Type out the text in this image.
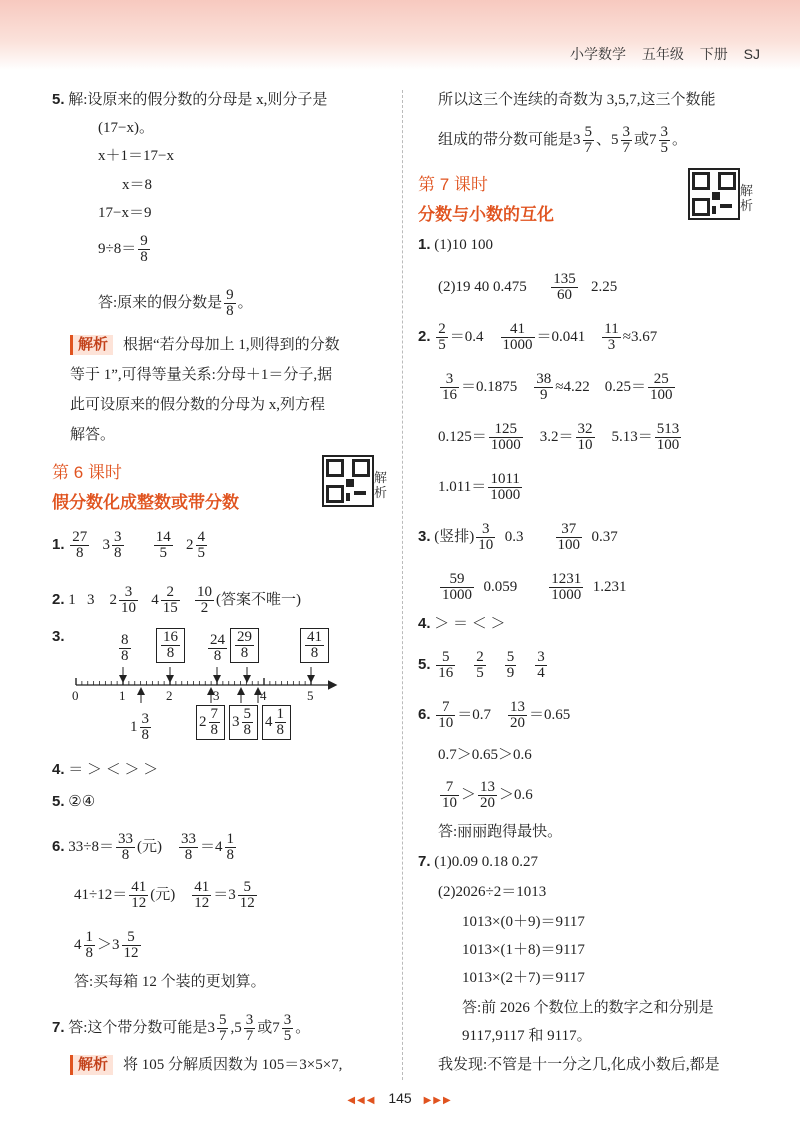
小学数学 五年级 下册 SJ
5. 解:设原来的假分数的分母是 x,则分子是
(17−x)。
x＋1＝17−x
x＝8
17−x＝9
$9\div 8= \frac{9}{8}$
答:原来的假分数是 $\frac{9}{8}$ 。
解析 根据“若分母加上 1,则得到的分数
等于 1”,可得等量关系:分母＋1＝分子,据
此可设原来的假分数的分母为 x,列方程
解答。
第 6 课时
假分数化成整数或带分数
解析
1. $\frac{27}{8} 3 \frac{3}{8}$
$\frac{14}{5} 2 \frac{4}{5}$
2. 1 3 $2 \frac{3}{10} 4 \frac{2}{15}$
$\frac{10}{2}$ (答案不唯一)
3.	$\frac{8}{8} \frac{16}{8} \frac{24}{8} \frac{29}{8}$	$\frac{41}{8}$
0	1	2	3	4	5
$1 \frac{3}{8}$	$2 \frac{7}{8} 3 \frac{5}{8} 4 \frac{1}{8}$
4. ＝ ＞ ＜ ＞ ＞
5. ②④
6. $33\div 8= \frac{33}{8}$ (元) $\frac{33}{8} =4 \frac{1}{8}$
$41\div 12= \frac{41}{12}$ (元) $\frac{41}{12} =3 \frac{5}{12}$
$4 \frac{1}{8} >3 \frac{5}{12}$
答:买每箱 12 个装的更划算。
7. 答:这个带分数可能是$3 \frac{5}{7} ,5 \frac{3}{7}$ 或$7 \frac{3}{5}$ 。
解析 将 105 分解质因数为 105＝3×5×7,
所以这三个连续的奇数为 3,5,7,这三个数能
组成的带分数可能是$3 \frac{5}{7}$ 、$5 \frac{3}{7}$ 或$7 \frac{3}{5}$ 。
第 7 课时
分数与小数的互化
解析
1. (1)10 100
(2)19 40 $0.475 \frac{135}{60} 2.25$
2. $\frac{2}{5} =0.4 \frac{41}{1000} =0.041 \frac{11}{3} \approx 3.67$
$\frac{3}{16} =0.1875 \frac{38}{9} \approx 4.22$ $0.25= \frac{25}{100}$
$0.125= \frac{125}{1000} 3.2= \frac{32}{10} 5.13= \frac{513}{100}$
$1.011= \frac{1011}{1000}$
3. (竖排) $\frac{3}{10} 0.3 \frac{37}{100} 0.37$
$\frac{59}{1000} 0.059 \frac{1231}{1000} 1.231$
4. ＞ ＝ ＜ ＞
5. $\frac{5}{16}$
$\frac{2}{5}$
$\frac{5}{9}$
$\frac{3}{4}$
6. $\frac{7}{10} =0.7 \frac{13}{20} =0.65$
0.7＞0.65＞0.6
$\frac{7}{10} > \frac{13}{20} >0.6$
答:丽丽跑得最快。
7. (1)0.09 0.18 0.27
(2)2026÷2＝1013
1013×(0＋9)＝9117
1013×(1＋8)＝9117
1013×(2＋7)＝9117
答:前 2026 个数位上的数字之和分别是
9117,9117 和 9117。
我发现:不管是十一分之几,化成小数后,都是
◀◀◀ 145 ▶▶▶
